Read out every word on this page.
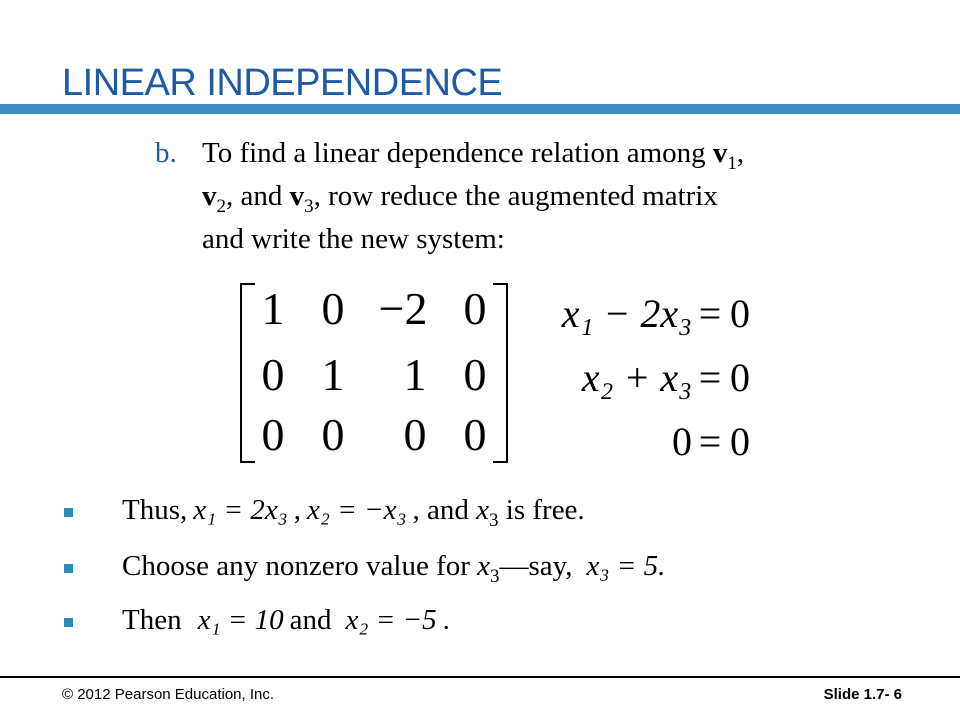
LINEAR INDEPENDENCE
b. To find a linear dependence relation among $v_1$,
$v_2$, and $v_3$, row reduce the augmented matrix
and write the new system:
1 0 −2 0
0 1 1 0
0 0 0 0
x₁ − 2x₃ = 0
x₂ + x₃ = 0
0 = 0
Thus, x₁ = 2x₃ , x₂ = −x₃ , and $x_3$ is free.
Choose any nonzero value for $x_3—say$, x₃ = 5.
Then x₁ = 10 and x₂ = −5 .
© 2012 Pearson Education, Inc.	Slide 1.7- 6
